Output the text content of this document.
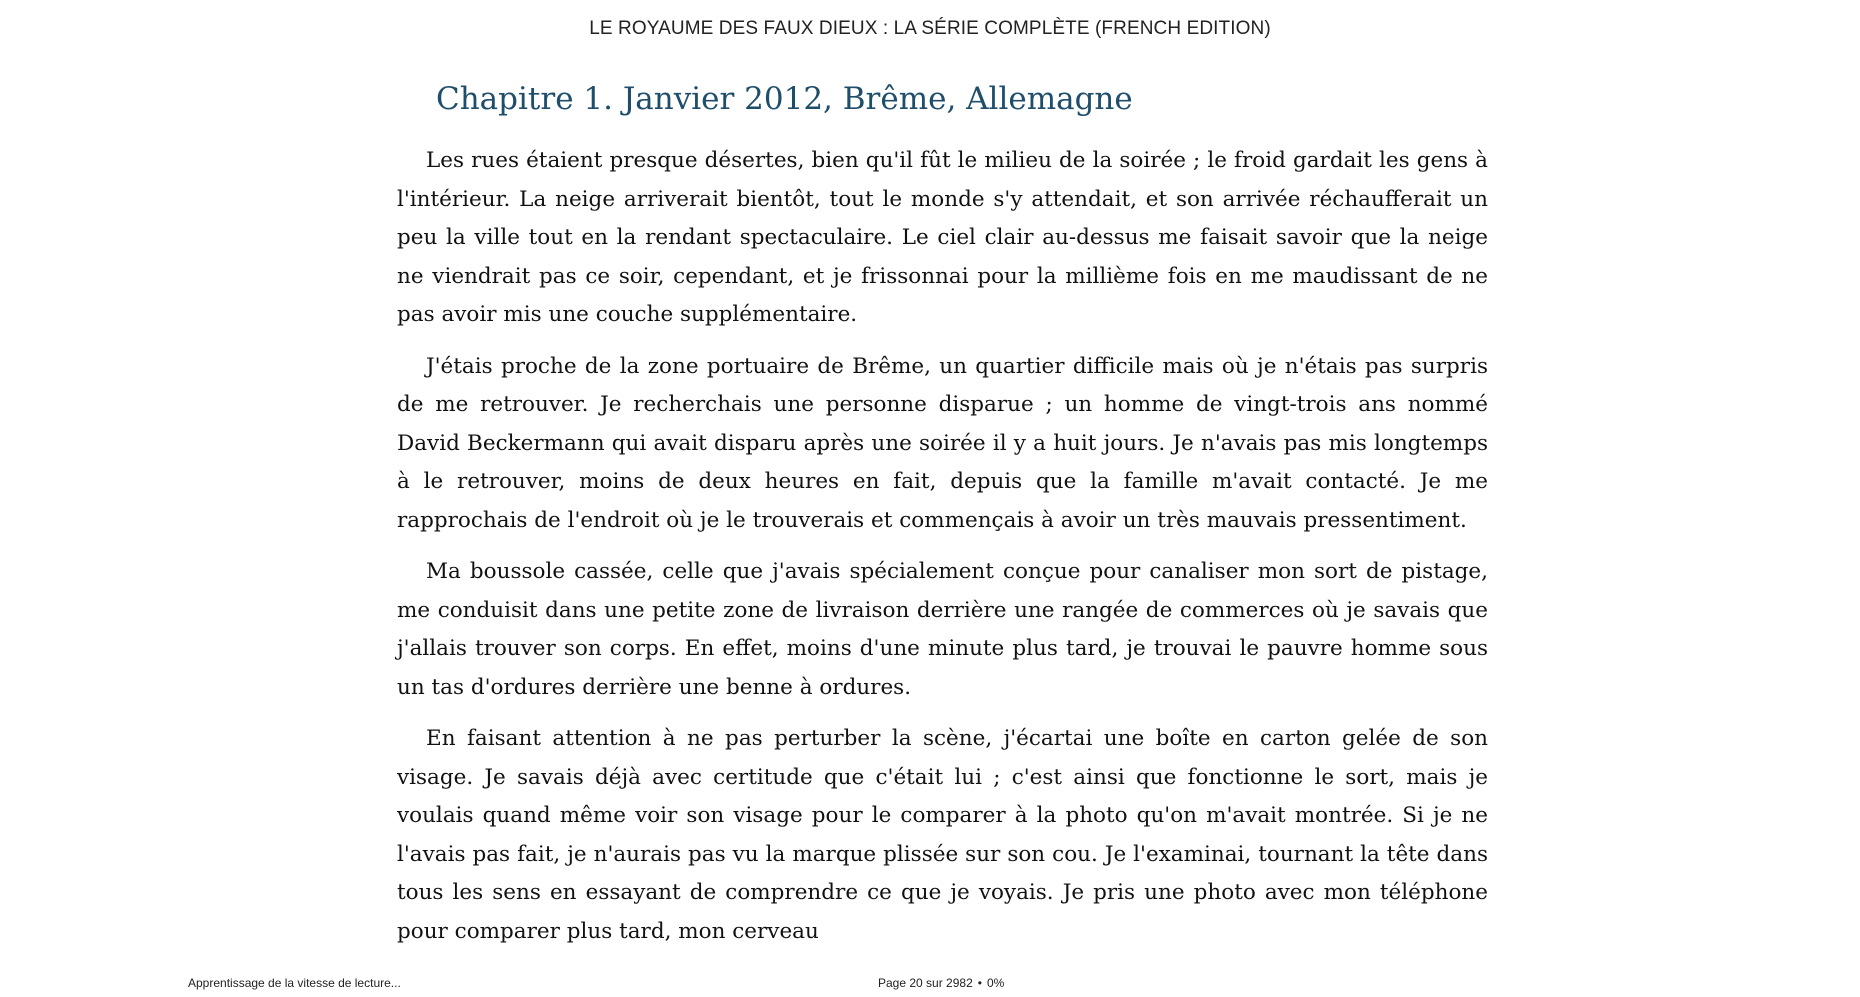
LE ROYAUME DES FAUX DIEUX : LA SÉRIE COMPLÈTE (FRENCH EDITION)
Chapitre 1. Janvier 2012, Brême, Allemagne

Les rues étaient presque désertes, bien qu'il fût le milieu de la soirée ; le froid gardait les gens à l'intérieur. La neige arriverait bientôt, tout le monde s'y attendait, et son arrivée réchaufferait un peu la ville tout en la rendant spectaculaire. Le ciel clair au-dessus me faisait savoir que la neige ne viendrait pas ce soir, cependant, et je frissonnai pour la millième fois en me maudissant de ne pas avoir mis une couche supplémentaire.

J'étais proche de la zone portuaire de Brême, un quartier difficile mais où je n'étais pas surpris de me retrouver. Je recherchais une personne disparue ; un homme de vingt-trois ans nommé David Beckermann qui avait disparu après une soirée il y a huit jours. Je n'avais pas mis longtemps à le retrouver, moins de deux heures en fait, depuis que la famille m'avait contacté. Je me rapprochais de l'endroit où je le trouverais et commençais à avoir un très mauvais pressentiment.

Ma boussole cassée, celle que j'avais spécialement conçue pour canaliser mon sort de pistage, me conduisit dans une petite zone de livraison derrière une rangée de commerces où je savais que j'allais trouver son corps. En effet, moins d'une minute plus tard, je trouvai le pauvre homme sous un tas d'ordures derrière une benne à ordures.

En faisant attention à ne pas perturber la scène, j'écartai une boîte en carton gelée de son visage. Je savais déjà avec certitude que c'était lui ; c'est ainsi que fonctionne le sort, mais je voulais quand même voir son visage pour le comparer à la photo qu'on m'avait montrée. Si je ne l'avais pas fait, je n'aurais pas vu la marque plissée sur son cou. Je l'examinai, tournant la tête dans tous les sens en essayant de comprendre ce que je voyais. Je pris une photo avec mon téléphone pour comparer plus tard, mon cerveau

Apprentissage de la vitesse de lecture...	Page 20 sur 2982 • 0%
